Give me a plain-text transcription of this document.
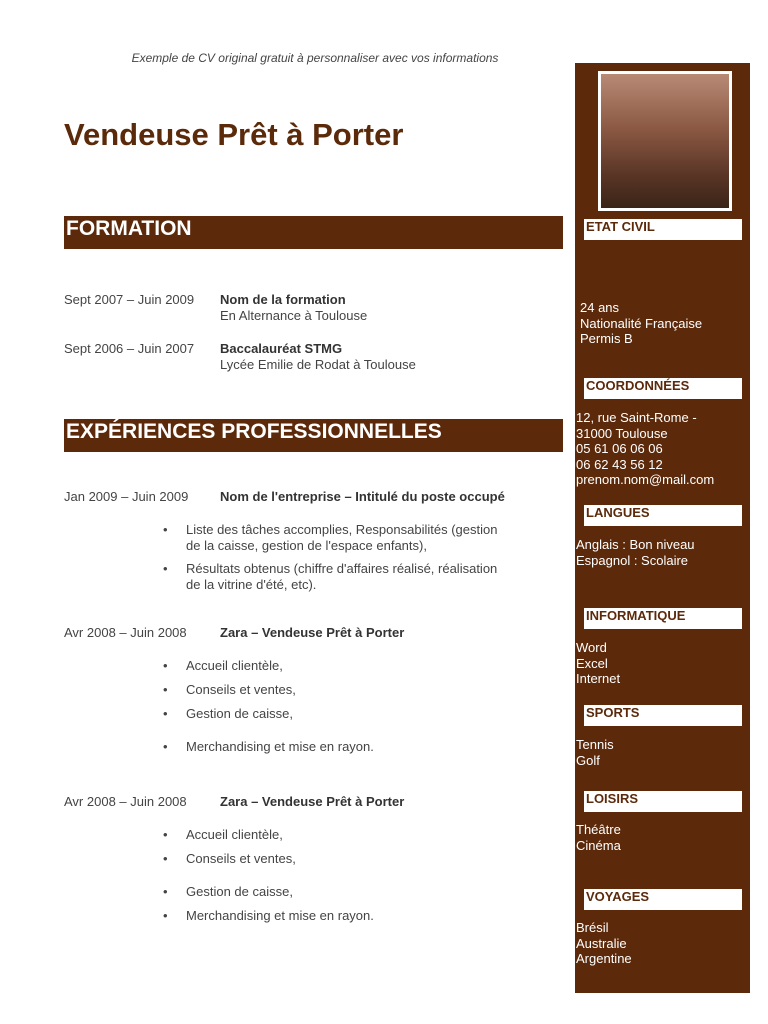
Exemple de CV original gratuit à personnaliser avec vos informations
Vendeuse Prêt à Porter
FORMATION
Sept 2007 – Juin 2009	Nom de la formation
En Alternance à Toulouse
Sept 2006 – Juin 2007	Baccalauréat STMG
Lycée Emilie de Rodat à Toulouse
EXPÉRIENCES PROFESSIONNELLES
Jan 2009 – Juin 2009	Nom de l'entreprise – Intitulé du poste occupé
• Liste des tâches accomplies, Responsabilités (gestion de la caisse, gestion de l'espace enfants),
• Résultats obtenus (chiffre d'affaires réalisé, réalisation de la vitrine d'été, etc).
Avr 2008 – Juin 2008	Zara – Vendeuse Prêt à Porter
• Accueil clientèle,
• Conseils et ventes,
• Gestion de caisse,
• Merchandising et mise en rayon.
Avr 2008 – Juin 2008	Zara – Vendeuse Prêt à Porter
• Accueil clientèle,
• Conseils et ventes,
• Gestion de caisse,
• Merchandising et mise en rayon.
ETAT CIVIL
24 ans
Nationalité Française
Permis B
COORDONNÉES
12, rue Saint-Rome -
31000 Toulouse
05 61 06 06 06
06 62 43 56 12
prenom.nom@mail.com
LANGUES
Anglais : Bon niveau
Espagnol : Scolaire
INFORMATIQUE
Word
Excel
Internet
SPORTS
Tennis
Golf
LOISIRS
Théâtre
Cinéma
VOYAGES
Brésil
Australie
Argentine
